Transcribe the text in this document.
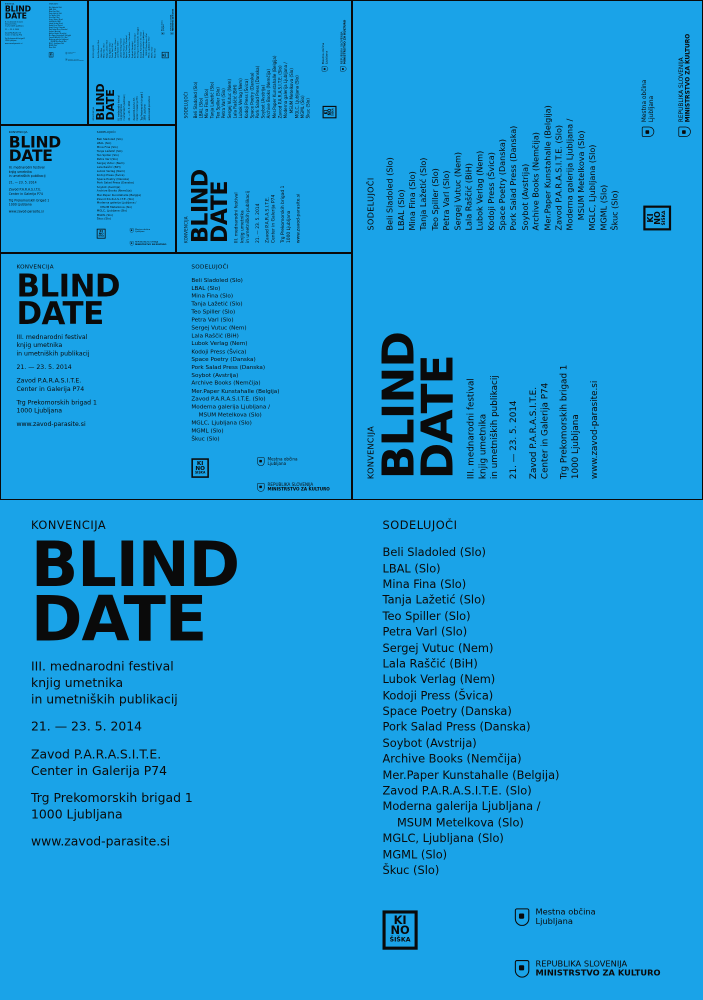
KONVENCIJA
BLIND
DATE
III. mednarodni festival
knjig umetnika
in umetniških publikacij
21. — 23. 5. 2014
Zavod P.A.R.A.S.I.T.E.
Center in Galerija P74
Trg Prekomorskih brigad 1
1000 Ljubljana
www.zavod-parasite.si
SODELUJOČI
Beli Sladoled (Slo)
LBAL (Slo)
Mina Fina (Slo)
Tanja Lažetić (Slo)
Teo Spiller (Slo)
Petra Varl (Slo)
Sergej Vutuc (Nem)
Lala Raščić (BiH)
Lubok Verlag (Nem)
Kodoji Press (Švica)
Space Poetry (Danska)
Pork Salad Press (Danska)
Soybot (Avstrija)
Archive Books (Nemčija)
Mer.Paper Kunstahalle (Belgija)
Zavod P.A.R.A.S.I.T.E. (Slo)
Moderna galerija Ljubljana /
MSUM Metelkova (Slo)
MGLC, Ljubljana (Slo)
MGML (Slo)
Škuc (Slo)
KI
NO
ŠIŠKA
Mestna občina
Ljubljana
REPUBLIKA SLOVENIJA
MINISTRSTVO ZA KULTURO
KONVENCIJA
BLIND
DATE
III. mednarodni festival
knjig umetnika
in umetniških publikacij
21. — 23. 5. 2014
Zavod P.A.R.A.S.I.T.E.
Center in Galerija P74
Trg Prekomorskih brigad 1
1000 Ljubljana
www.zavod-parasite.si
SODELUJOČI
Beli Sladoled (Slo)
LBAL (Slo)
Mina Fina (Slo)
Tanja Lažetić (Slo)
Teo Spiller (Slo)
Petra Varl (Slo)
Sergej Vutuc (Nem)
Lala Raščić (BiH)
Lubok Verlag (Nem)
Kodoji Press (Švica)
Space Poetry (Danska)
Pork Salad Press (Danska)
Soybot (Avstrija)
Archive Books (Nemčija)
Mer.Paper Kunstahalle (Belgija)
Zavod P.A.R.A.S.I.T.E. (Slo)
Moderna galerija Ljubljana /
MSUM Metelkova (Slo)
MGLC, Ljubljana (Slo)
MGML (Slo)
Škuc (Slo)
KI
NO
ŠIŠKA
Mestna občina
Ljubljana
REPUBLIKA SLOVENIJA
MINISTRSTVO ZA KULTURO
KONVENCIJA
BLIND
DATE III. mednarodni festival knjig umetnika in umetniških publikacij 21. — 23. 5. 2014 Zavod P.A.R.A.S.I.T.E. Center in Galerija P74 Trg Prekomorskih brigad 1 1000 Ljubljana www.zavod-parasite.si
SODELUJOČI Beli Sladoled (Slo) LBAL (Slo) Mina Fina (Slo) Tanja Lažetić (Slo) Teo Spiller (Slo) Petra Varl (Slo) Sergej Vutuc (Nem) Lala Raščić (BiH) Lubok Verlag (Nem) Kodoji Press (Švica) Space Poetry (Danska) Pork Salad Press (Danska) Soybot (Avstrija) Archive Books (Nemčija) Mer.Paper Kunstahalle (Belgija) Zavod P.A.R.A.S.I.T.E. (Slo) Moderna galerija Ljubljana / MSUM Metelkova (Slo) MGLC, Ljubljana (Slo) MGML (Slo) Škuc (Slo) KI
NO ŠIŠKA
Mestna občina
Ljubljana	REPUBLIKA SLOVENIJA
MINISTRSTVO ZA KULTURO
KONVENCIJA
BLIND
DATE
III. mednarodni festival
knjig umetnika
in umetniških publikacij
21. — 23. 5. 2014
Zavod P.A.R.A.S.I.T.E.
Center in Galerija P74
Trg Prekomorskih brigad 1
1000 Ljubljana
www.zavod-parasite.si
SODELUJOČI
Beli Sladoled (Slo)
LBAL (Slo)
Mina Fina (Slo)
Tanja Lažetić (Slo)
Teo Spiller (Slo)
Petra Varl (Slo)
Sergej Vutuc (Nem)
Lala Raščić (BiH)
Lubok Verlag (Nem)
Kodoji Press (Švica)
Space Poetry (Danska)
Pork Salad Press (Danska)
Soybot (Avstrija)
Archive Books (Nemčija)
Mer.Paper Kunstahalle (Belgija)
Zavod P.A.R.A.S.I.T.E. (Slo)
Moderna galerija Ljubljana /
MSUM Metelkova (Slo)
MGLC, Ljubljana (Slo)
MGML (Slo)
Škuc (Slo)
KI
NO
ŠIŠKA
Mestna občina
Ljubljana
REPUBLIKA SLOVENIJA
MINISTRSTVO ZA KULTURO
KONVENCIJA BLIND
DATE III. mednarodni festival knjig umetnika in umetniških publikacij 21. — 23. 5. 2014 Zavod P.A.R.A.S.I.T.E. Center in Galerija P74 Trg Prekomorskih brigad 1 1000 Ljubljana www.zavod-parasite.si
SODELUJOČI Beli Sladoled (Slo) LBAL (Slo) Mina Fina (Slo) Tanja Lažetić (Slo) Teo Spiller (Slo) Petra Varl (Slo) Sergej Vutuc (Nem) Lala Raščić (BiH) Lubok Verlag (Nem) Kodoji Press (Švica) Space Poetry (Danska) Pork Salad Press (Danska) Soybot (Avstrija) Archive Books (Nemčija) Mer.Paper Kunstahalle (Belgija) Zavod P.A.R.A.S.I.T.E. (Slo) Moderna galerija Ljubljana / MSUM Metelkova (Slo) MGLC, Ljubljana (Slo) MGML (Slo) Škuc (Slo) KI NO ŠIŠKA
Mestna občina
Ljubljana REPUBLIKA SLOVENIJA
MINISTRSTVO ZA KULTURO
KONVENCIJA
BLIND
DATE
III. mednarodni festival
knjig umetnika
in umetniških publikacij
21. — 23. 5. 2014
Zavod P.A.R.A.S.I.T.E.
Center in Galerija P74
Trg Prekomorskih brigad 1
1000 Ljubljana
www.zavod-parasite.si
SODELUJOČI
Beli Sladoled (Slo)
LBAL (Slo)
Mina Fina (Slo)
Tanja Lažetić (Slo)
Teo Spiller (Slo)
Petra Varl (Slo)
Sergej Vutuc (Nem)
Lala Raščić (BiH)
Lubok Verlag (Nem)
Kodoji Press (Švica)
Space Poetry (Danska)
Pork Salad Press (Danska)
Soybot (Avstrija)
Archive Books (Nemčija)
Mer.Paper Kunstahalle (Belgija)
Zavod P.A.R.A.S.I.T.E. (Slo)
Moderna galerija Ljubljana /
MSUM Metelkova (Slo)
MGLC, Ljubljana (Slo)
MGML (Slo)
Škuc (Slo)
KI
NO
ŠIŠKA
Mestna občina
Ljubljana
REPUBLIKA SLOVENIJA
MINISTRSTVO ZA KULTURO
KONVENCIJA
BLIND
DATE III. mednarodni festival knjig umetnika in umetniških publikacij 21. — 23. 5. 2014 Zavod P.A.R.A.S.I.T.E. Center in Galerija P74 Trg Prekomorskih brigad 1 1000 Ljubljana www.zavod-parasite.si
SODELUJOČI Beli Sladoled (Slo) LBAL (Slo) Mina Fina (Slo) Tanja Lažetić (Slo) Teo Spiller (Slo) Petra Varl (Slo) Sergej Vutuc (Nem) Lala Raščić (BiH) Lubok Verlag (Nem) Kodoji Press (Švica) Space Poetry (Danska) Pork Salad Press (Danska) Soybot (Avstrija) Archive Books (Nemčija) Mer.Paper Kunstahalle (Belgija) Zavod P.A.R.A.S.I.T.E. (Slo) Moderna galerija Ljubljana / MSUM Metelkova (Slo) MGLC, Ljubljana (Slo) MGML (Slo) Škuc (Slo) KI
NO ŠIŠKA
Mestna občina
Ljubljana REPUBLIKA SLOVENIJA
MINISTRSTVO ZA KULTURO
